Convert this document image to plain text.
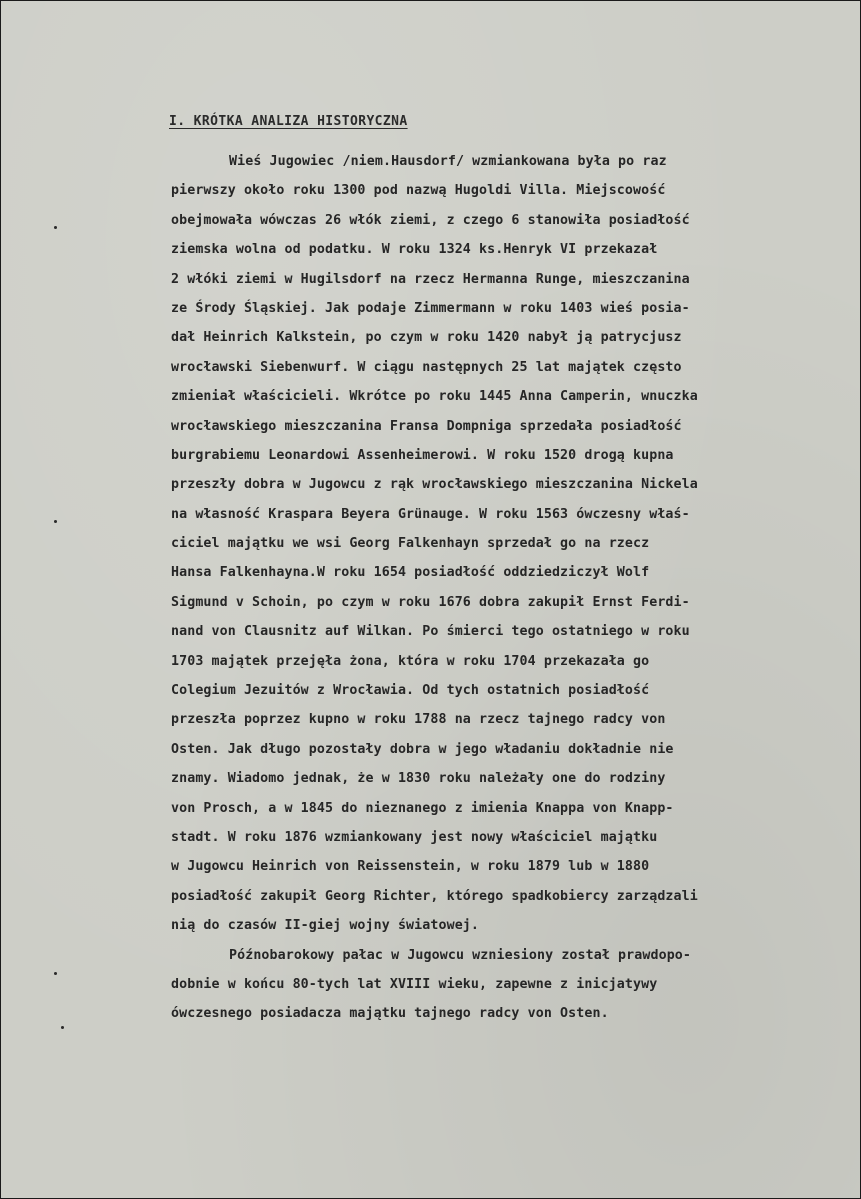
I. KRÓTKA ANALIZA HISTORYCZNA

Wieś Jugowiec /niem.Hausdorf/ wzmiankowana była po raz
pierwszy około roku 1300 pod nazwą Hugoldi Villa. Miejscowość
obejmowała wówczas 26 włók ziemi, z czego 6 stanowiła posiadłość
ziemska wolna od podatku. W roku 1324 ks.Henryk VI przekazał
2 włóki ziemi w Hugilsdorf na rzecz Hermanna Runge, mieszczanina
ze Środy Śląskiej. Jak podaje Zimmermann w roku 1403 wieś posia-
dał Heinrich Kalkstein, po czym w roku 1420 nabył ją patrycjusz
wrocławski Siebenwurf. W ciągu następnych 25 lat majątek często
zmieniał właścicieli. Wkrótce po roku 1445 Anna Camperin, wnuczka
wrocławskiego mieszczanina Fransa Dompniga sprzedała posiadłość
burgrabiemu Leonardowi Assenheimerowi. W roku 1520 drogą kupna
przeszły dobra w Jugowcu z rąk wrocławskiego mieszczanina Nickela
na własność Kraspara Beyera Grünauge. W roku 1563 ówczesny właś-
ciciel majątku we wsi Georg Falkenhayn sprzedał go na rzecz
Hansa Falkenhayna.W roku 1654 posiadłość oddziedziczył Wolf
Sigmund v Schoin, po czym w roku 1676 dobra zakupił Ernst Ferdi-
nand von Clausnitz auf Wilkan. Po śmierci tego ostatniego w roku
1703 majątek przejęła żona, która w roku 1704 przekazała go
Colegium Jezuitów z Wrocławia. Od tych ostatnich posiadłość
przeszła poprzez kupno w roku 1788 na rzecz tajnego radcy von
Osten. Jak długo pozostały dobra w jego władaniu dokładnie nie
znamy. Wiadomo jednak, że w 1830 roku należały one do rodziny
von Prosch, a w 1845 do nieznanego z imienia Knappa von Knapp-
stadt. W roku 1876 wzmiankowany jest nowy właściciel majątku
w Jugowcu Heinrich von Reissenstein, w roku 1879 lub w 1880
posiadłość zakupił Georg Richter, którego spadkobiercy zarządzali
nią do czasów II-giej wojny światowej.

Późnobarokowy pałac w Jugowcu wzniesiony został prawdopo-
dobnie w końcu 80-tych lat XVIII wieku, zapewne z inicjatywy
ówczesnego posiadacza majątku tajnego radcy von Osten.
